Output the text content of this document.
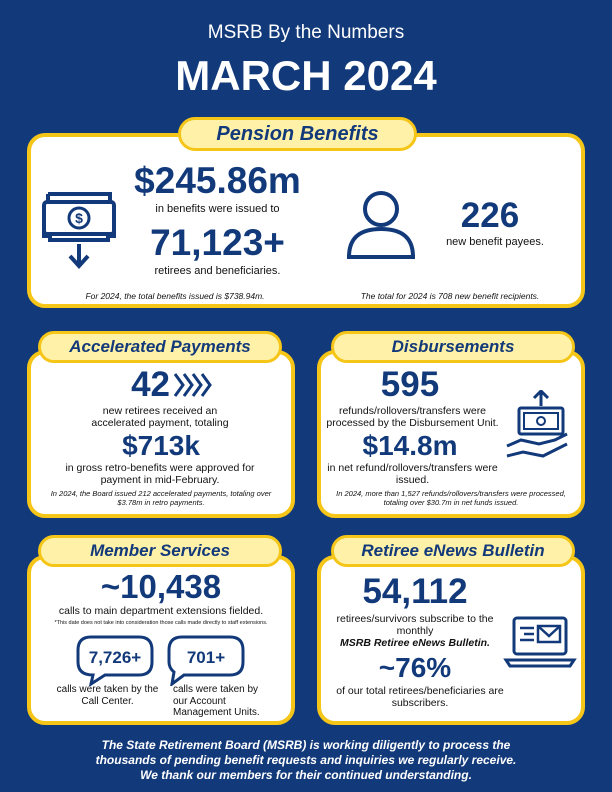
MSRB By the Numbers
MARCH 2024
Pension Benefits
$
$245.86m
in benefits were issued to
71,123+
retirees and beneficiaries.
226
new benefit payees.
For 2024, the total benefits issued is $738.94m.	The total for 2024 is 708 new benefit recipients.
Accelerated Payments
42
new retirees received an accelerated payment, totaling
$713k
in gross retro-benefits were approved for payment in mid-February.
In 2024, the Board issued 212 accelerated payments, totaling over $3.78m in retro payments.
Disbursements
595
refunds/rollovers/transfers were processed by the Disbursement Unit.
$14.8m
in net refund/rollovers/transfers were issued.
In 2024, more than 1,527 refunds/rollovers/transfers were processed, totaling over $30.7m in net funds issued.
Member Services
~10,438
calls to main department extensions fielded.
*This date does not take into consideration those calls made directly to staff extensions.
7,726+	701+
calls were taken by the Call Center.
calls were taken by our Account Management Units.
Retiree eNews Bulletin
54,112
retirees/survivors subscribe to the monthly
MSRB Retiree eNews Bulletin.
~76%
of our total retirees/beneficiaries are subscribers.
The State Retirement Board (MSRB) is working diligently to process the
thousands of pending benefit requests and inquiries we regularly receive.
We thank our members for their continued understanding.
